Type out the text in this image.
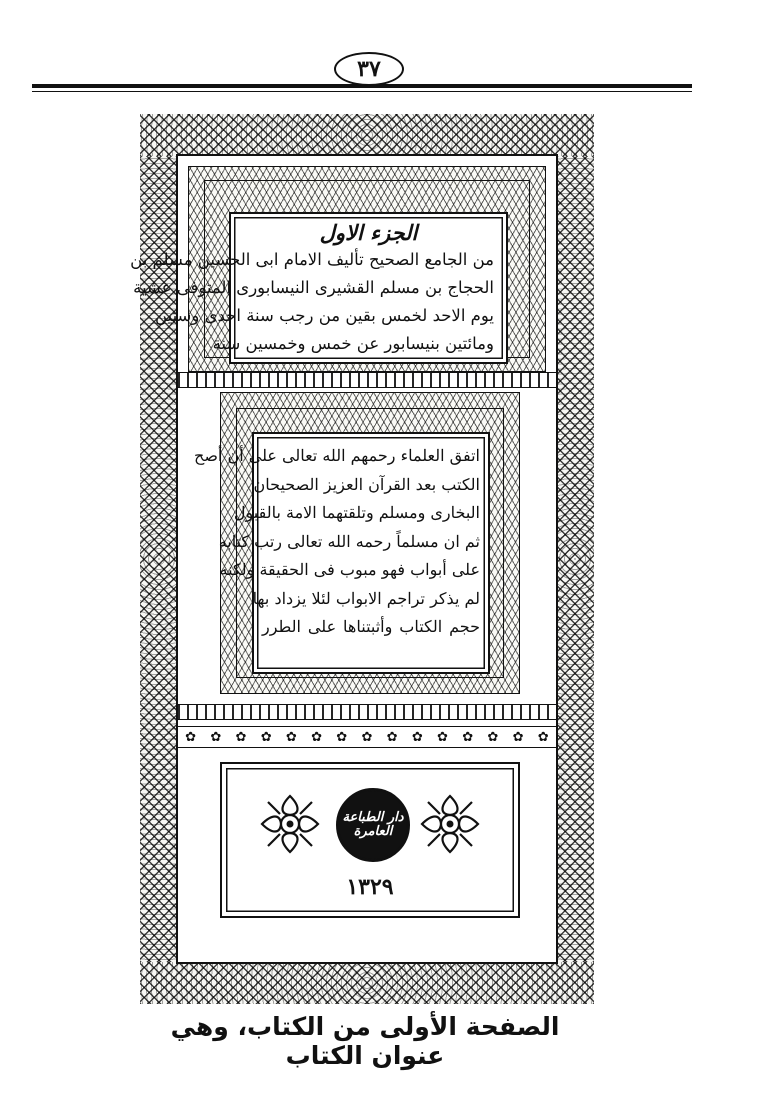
٣٧
الجزء الاول
من الجامع الصحيح تأليف الامام ابى الحسين مسلم بن
الحجاج بن مسلم القشيرى النيسابورى المتوفى عشية
يوم الاحد لخمس بقين من رجب سنة احدى وستين
ومائتين بنيسابور عن خمس وخمسين سنة
اتفق العلماء رحمهم الله تعالى على أن أصح
الكتب بعد القرآن العزيز الصحيحان
البخارى ومسلم وتلقتهما الامة بالقبول
ثم ان مسلماً رحمه الله تعالى رتب كتابه
على أبواب فهو مبوب فى الحقيقة ولكنه
لم يذكر تراجم الابواب لئلا يزداد بها
حجم الكتاب وأثبتناها على الطرر
✿ ✿ ✿ ✿ ✿ ✿ ✿ ✿ ✿ ✿ ✿ ✿ ✿ ✿ ✿
دار الطباعة العامرة
١٣٢٩
الصفحة الأولى من الكتاب، وهي عنوان الكتاب
